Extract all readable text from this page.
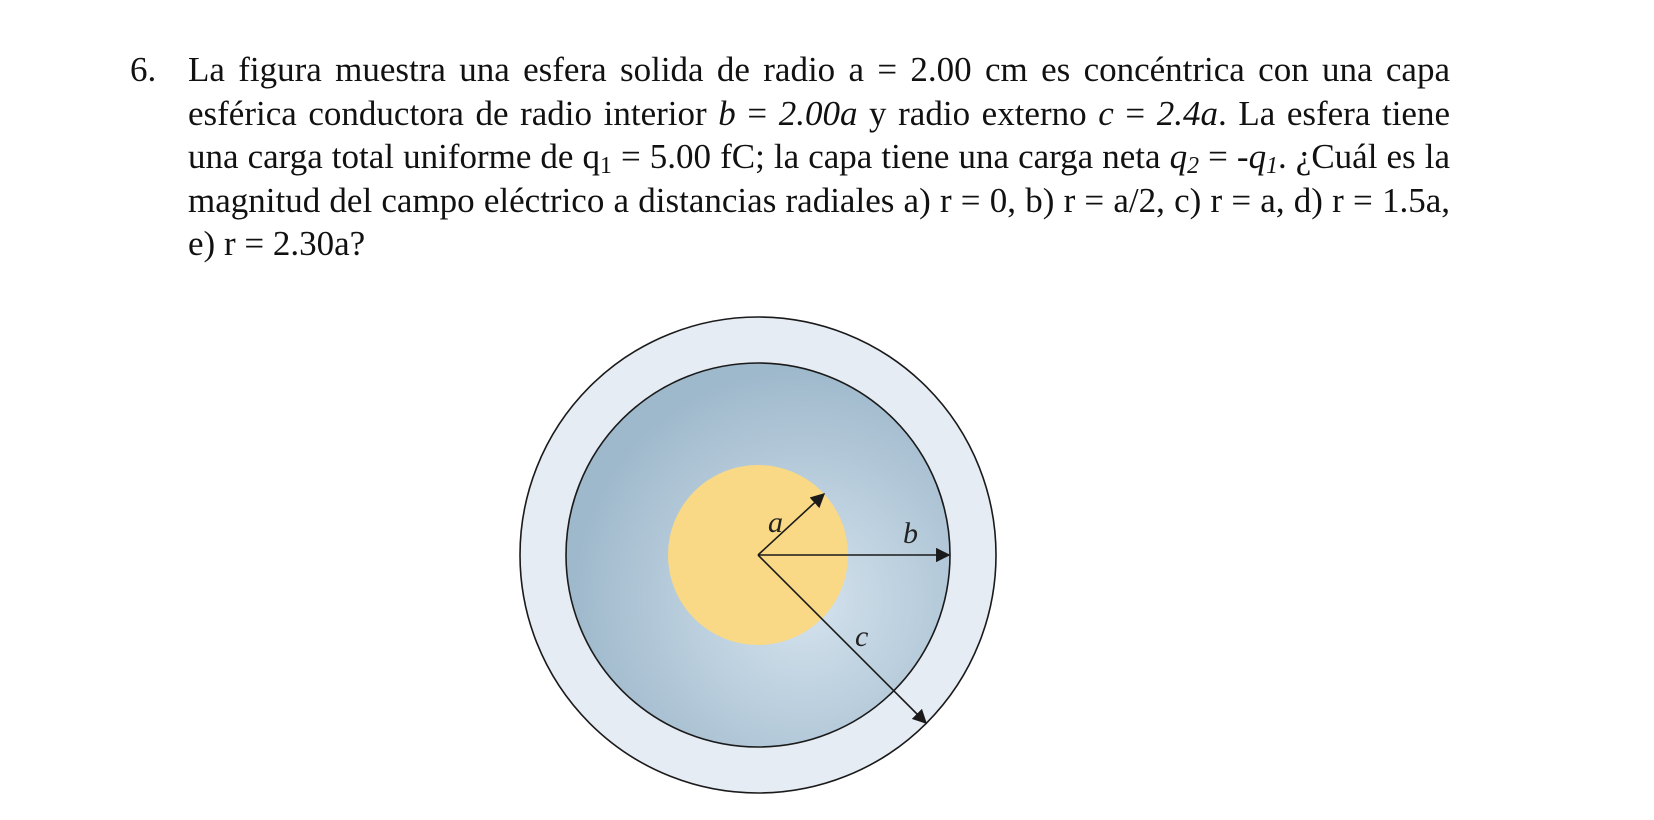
6. La figura muestra una esfera solida de radio a = 2.00 cm es concéntrica con una capa esférica conductora de radio interior b = 2.00a y radio externo c = 2.4a. La esfera tiene una carga total uniforme de $q_1 = 5.00$ fC; la capa tiene una carga neta $q_2 = -q_1$. ¿Cuál es la magnitud del campo eléctrico a distancias radiales a) r = 0, b) r = a/2, c) r = a, d) r = 1.5a, e) r = 2.30a?
a	b
c
